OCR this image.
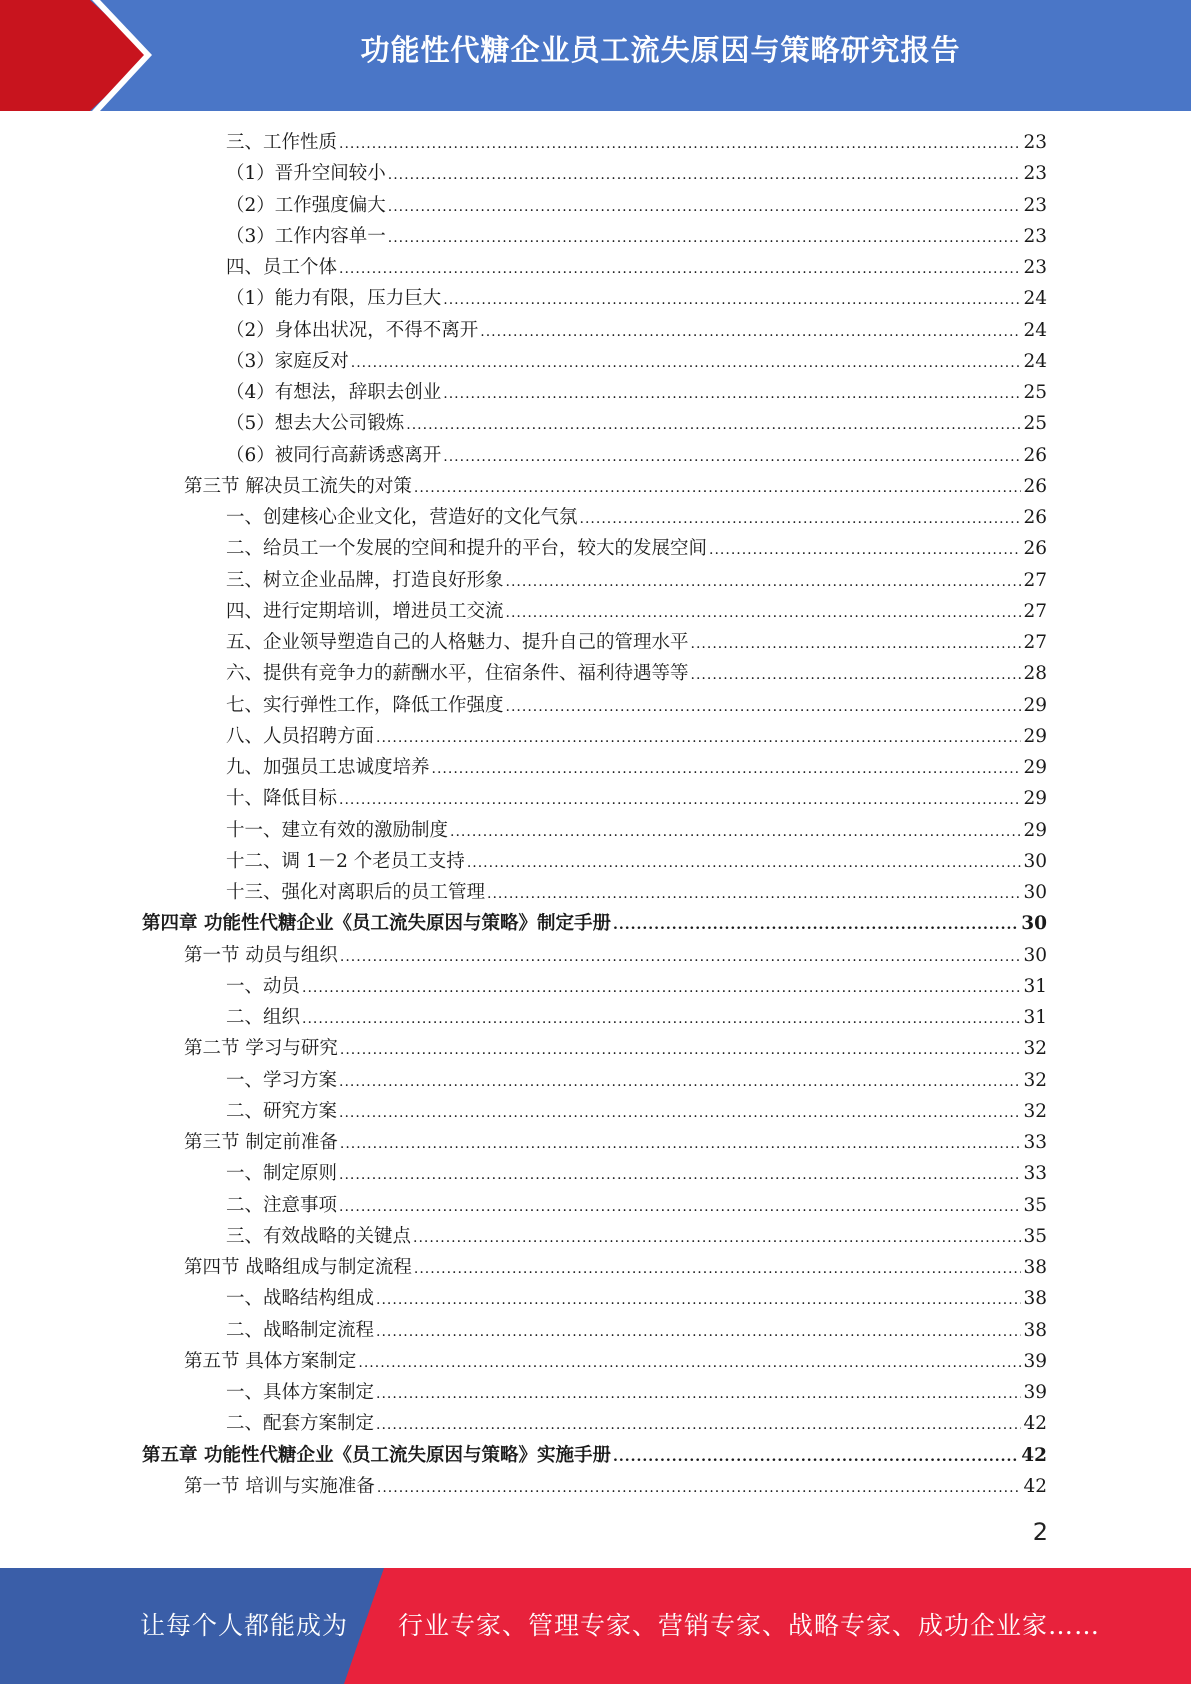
功能性代糖企业员工流失原因与策略研究报告
三、工作性质 .....	23
（1）晋升空间较小 .....	23
（2）工作强度偏大 .....	23
（3）工作内容单一 .....	23
四、员工个体 .....	23
（1）能力有限，压力巨大 .....	24
（2）身体出状况，不得不离开 .....	24
（3）家庭反对 .....	24
（4）有想法，辞职去创业 .....	25
（5）想去大公司锻炼 .....	25
（6）被同行高薪诱惑离开 .....	26
第三节 解决员工流失的对策 .....	26
一、创建核心企业文化，营造好的文化气氛 .....	26
二、给员工一个发展的空间和提升的平台，较大的发展空间 .....	26
三、树立企业品牌，打造良好形象 .....	27
四、进行定期培训，增进员工交流 .....	27
五、企业领导塑造自己的人格魅力、提升自己的管理水平 .....	27
六、提供有竞争力的薪酬水平，住宿条件、福利待遇等等 .....	28
七、实行弹性工作，降低工作强度 .....	29
八、人员招聘方面 .....	29
九、加强员工忠诚度培养 .....	29
十、降低目标 .....	29
十一、建立有效的激励制度 .....	29
十二、调 1－2 个老员工支持 .....	30
十三、强化对离职后的员工管理 .....	30
第四章 功能性代糖企业《员工流失原因与策略》制定手册 .....	30
第一节 动员与组织 .....	30
一、动员 .....	31
二、组织 .....	31
第二节 学习与研究 .....	32
一、学习方案 .....	32
二、研究方案 .....	32
第三节 制定前准备 .....	33
一、制定原则 .....	33
二、注意事项 .....	35
三、有效战略的关键点 .....	35
第四节 战略组成与制定流程 .....	38
一、战略结构组成 .....	38
二、战略制定流程 .....	38
第五节 具体方案制定 .....	39
一、具体方案制定 .....	39
二、配套方案制定 .....	42
第五章 功能性代糖企业《员工流失原因与策略》实施手册 .....	42
第一节 培训与实施准备 .....	42
2
让每个人都能成为 行业专家、管理专家、营销专家、战略专家、成功企业家……
